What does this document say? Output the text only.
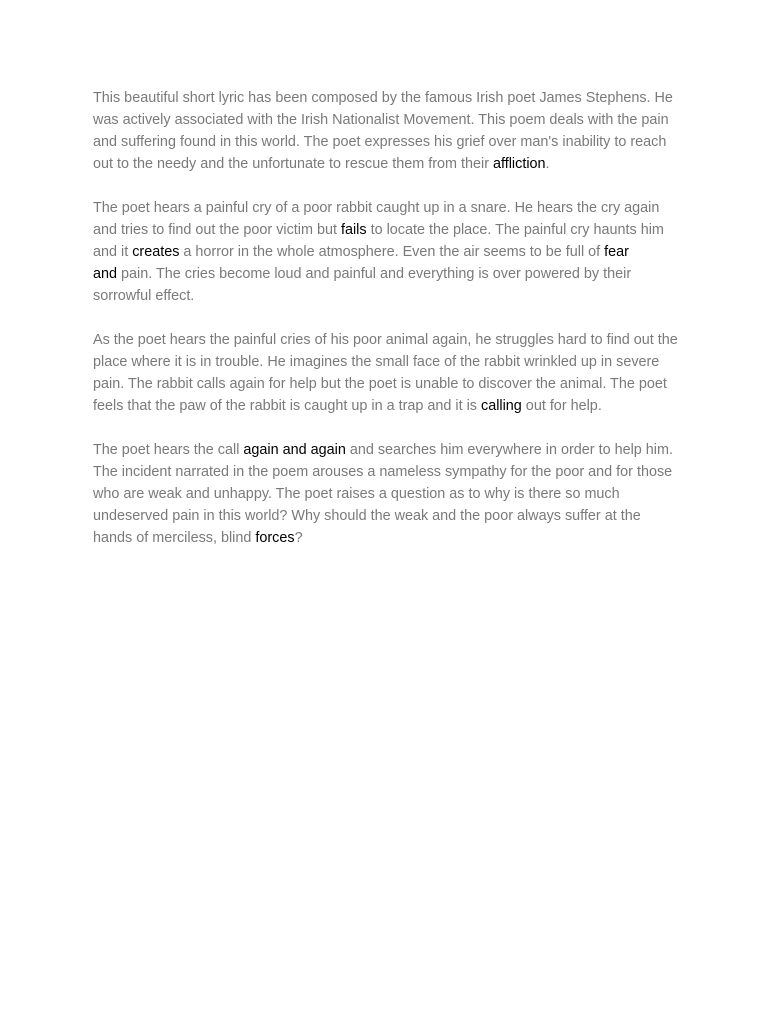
This beautiful short lyric has been composed by the famous Irish poet James Stephens. He was actively associated with the Irish Nationalist Movement. This poem deals with the pain and suffering found in this world. The poet expresses his grief over man's inability to reach out to the needy and the unfortunate to rescue them from their affliction.

The poet hears a painful cry of a poor rabbit caught up in a snare. He hears the cry again and tries to find out the poor victim but fails to locate the place. The painful cry haunts him and it creates a horror in the whole atmosphere. Even the air seems to be full of fearand pain. The cries become loud and painful and everything is over powered by their sorrowful effect.

As the poet hears the painful cries of his poor animal again, he struggles hard to find out the place where it is in trouble. He imagines the small face of the rabbit wrinkled up in severe pain. The rabbit calls again for help but the poet is unable to discover the animal. The poet feels that the paw of the rabbit is caught up in a trap and it is calling out for help.

The poet hears the call again and again and searches him everywhere in order to help him. The incident narrated in the poem arouses a nameless sympathy for the poor and for those who are weak and unhappy. The poet raises a question as to why is there so much undeserved pain in this world? Why should the weak and the poor always suffer at the hands of merciless, blind forces?
